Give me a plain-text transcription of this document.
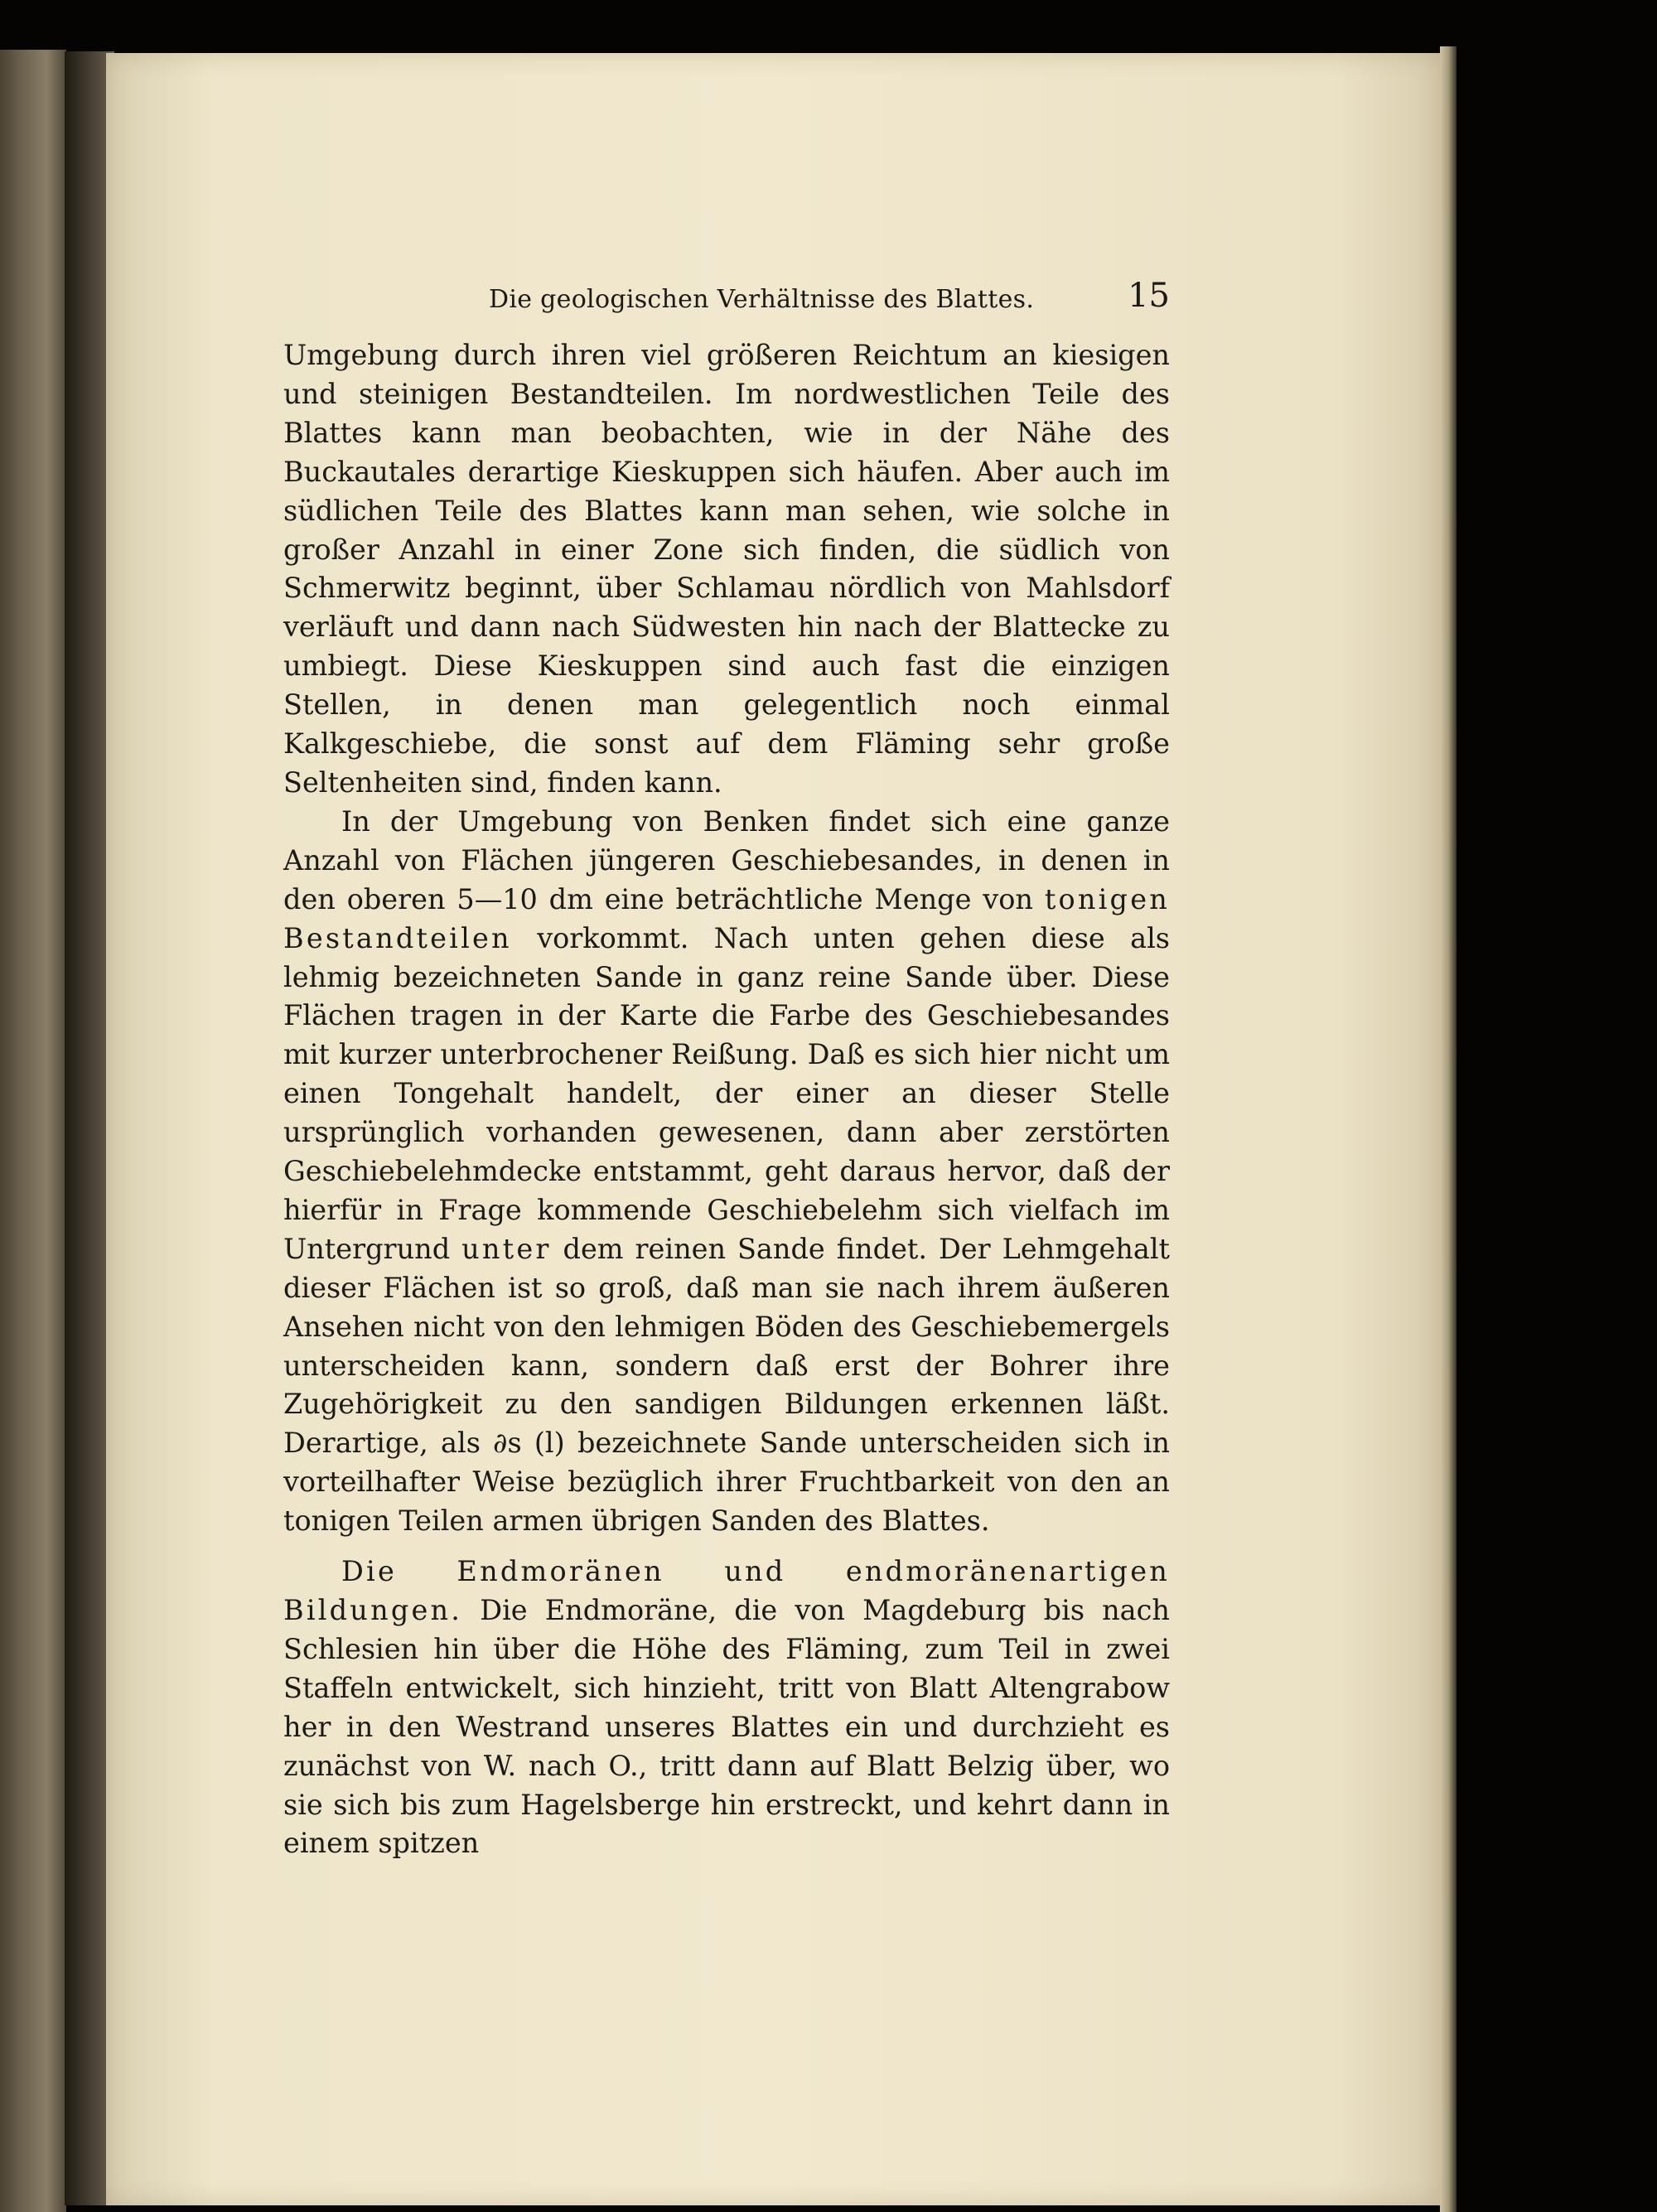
Die geologischen Verhältnisse des Blattes.	15

Umgebung durch ihren viel größeren Reichtum an kiesigen und steinigen Bestandteilen. Im nordwestlichen Teile des Blattes kann man beobachten, wie in der Nähe des Buckautales derartige Kieskuppen sich häufen. Aber auch im südlichen Teile des Blattes kann man sehen, wie solche in großer Anzahl in einer Zone sich finden, die südlich von Schmerwitz beginnt, über Schlamau nördlich von Mahlsdorf verläuft und dann nach Südwesten hin nach der Blattecke zu umbiegt. Diese Kieskuppen sind auch fast die einzigen Stellen, in denen man gelegentlich noch einmal Kalkgeschiebe, die sonst auf dem Fläming sehr große Seltenheiten sind, finden kann.

In der Umgebung von Benken findet sich eine ganze Anzahl von Flächen jüngeren Geschiebesandes, in denen in den oberen 5—10 dm eine beträchtliche Menge von tonigen Bestandteilen vorkommt. Nach unten gehen diese als lehmig bezeichneten Sande in ganz reine Sande über. Diese Flächen tragen in der Karte die Farbe des Geschiebesandes mit kurzer unterbrochener Reißung. Daß es sich hier nicht um einen Tongehalt handelt, der einer an dieser Stelle ursprünglich vorhanden gewesenen, dann aber zerstörten Geschiebelehmdecke entstammt, geht daraus hervor, daß der hierfür in Frage kommende Geschiebelehm sich vielfach im Untergrund unter dem reinen Sande findet. Der Lehmgehalt dieser Flächen ist so groß, daß man sie nach ihrem äußeren Ansehen nicht von den lehmigen Böden des Geschiebemergels unterscheiden kann, sondern daß erst der Bohrer ihre Zugehörigkeit zu den sandigen Bildungen erkennen läßt. Derartige, als ∂s (l) bezeichnete Sande unterscheiden sich in vorteilhafter Weise bezüglich ihrer Fruchtbarkeit von den an tonigen Teilen armen übrigen Sanden des Blattes.

Die Endmoränen und endmoränenartigen Bildungen. Die Endmoräne, die von Magdeburg bis nach Schlesien hin über die Höhe des Fläming, zum Teil in zwei Staffeln entwickelt, sich hinzieht, tritt von Blatt Altengrabow her in den Westrand unseres Blattes ein und durchzieht es zunächst von W. nach O., tritt dann auf Blatt Belzig über, wo sie sich bis zum Hagelsberge hin erstreckt, und kehrt dann in einem spitzen
